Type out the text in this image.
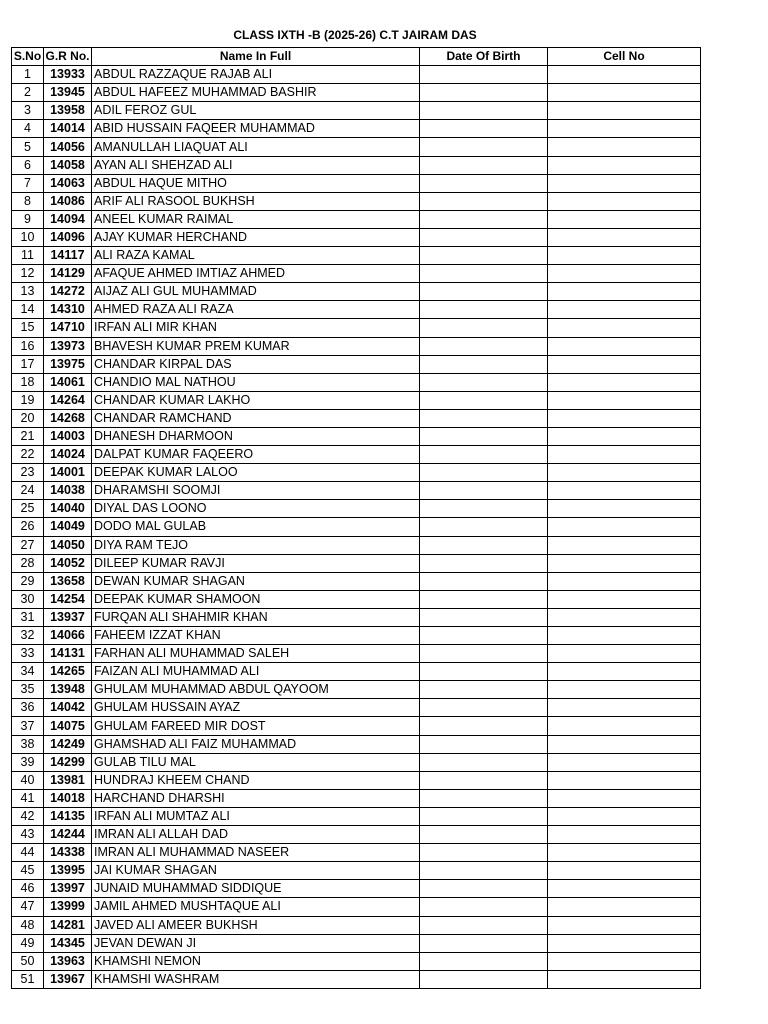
CLASS IXTH -B (2025-26) C.T JAIRAM DAS
S.No	G.R No.	Name In Full	Date Of Birth	Cell No
1	13933	ABDUL RAZZAQUE RAJAB ALI		
2	13945	ABDUL HAFEEZ MUHAMMAD BASHIR		
3	13958	ADIL FEROZ GUL		
4	14014	ABID HUSSAIN FAQEER MUHAMMAD		
5	14056	AMANULLAH LIAQUAT ALI		
6	14058	AYAN ALI SHEHZAD ALI		
7	14063	ABDUL HAQUE MITHO		
8	14086	ARIF ALI RASOOL BUKHSH		
9	14094	ANEEL KUMAR RAIMAL		
10	14096	AJAY KUMAR HERCHAND		
11	14117	ALI RAZA KAMAL		
12	14129	AFAQUE AHMED IMTIAZ AHMED		
13	14272	AIJAZ ALI GUL MUHAMMAD		
14	14310	AHMED RAZA ALI RAZA		
15	14710	IRFAN ALI MIR KHAN		
16	13973	BHAVESH KUMAR PREM KUMAR		
17	13975	CHANDAR KIRPAL DAS		
18	14061	CHANDIO MAL NATHOU		
19	14264	CHANDAR KUMAR LAKHO		
20	14268	CHANDAR RAMCHAND		
21	14003	DHANESH DHARMOON		
22	14024	DALPAT KUMAR FAQEERO		
23	14001	DEEPAK KUMAR LALOO		
24	14038	DHARAMSHI SOOMJI		
25	14040	DIYAL DAS LOONO		
26	14049	DODO MAL GULAB		
27	14050	DIYA RAM TEJO		
28	14052	DILEEP KUMAR RAVJI		
29	13658	DEWAN KUMAR SHAGAN		
30	14254	DEEPAK KUMAR SHAMOON		
31	13937	FURQAN ALI SHAHMIR KHAN		
32	14066	FAHEEM IZZAT KHAN		
33	14131	FARHAN ALI MUHAMMAD SALEH		
34	14265	FAIZAN ALI MUHAMMAD ALI		
35	13948	GHULAM MUHAMMAD ABDUL QAYOOM		
36	14042	GHULAM HUSSAIN AYAZ		
37	14075	GHULAM FAREED MIR DOST		
38	14249	GHAMSHAD ALI FAIZ MUHAMMAD		
39	14299	GULAB TILU MAL		
40	13981	HUNDRAJ KHEEM CHAND		
41	14018	HARCHAND DHARSHI		
42	14135	IRFAN ALI MUMTAZ ALI		
43	14244	IMRAN ALI ALLAH DAD		
44	14338	IMRAN ALI MUHAMMAD NASEER		
45	13995	JAI KUMAR SHAGAN		
46	13997	JUNAID MUHAMMAD SIDDIQUE		
47	13999	JAMIL AHMED MUSHTAQUE ALI		
48	14281	JAVED ALI AMEER BUKHSH		
49	14345	JEVAN DEWAN JI		
50	13963	KHAMSHI NEMON		
51	13967	KHAMSHI WASHRAM		
